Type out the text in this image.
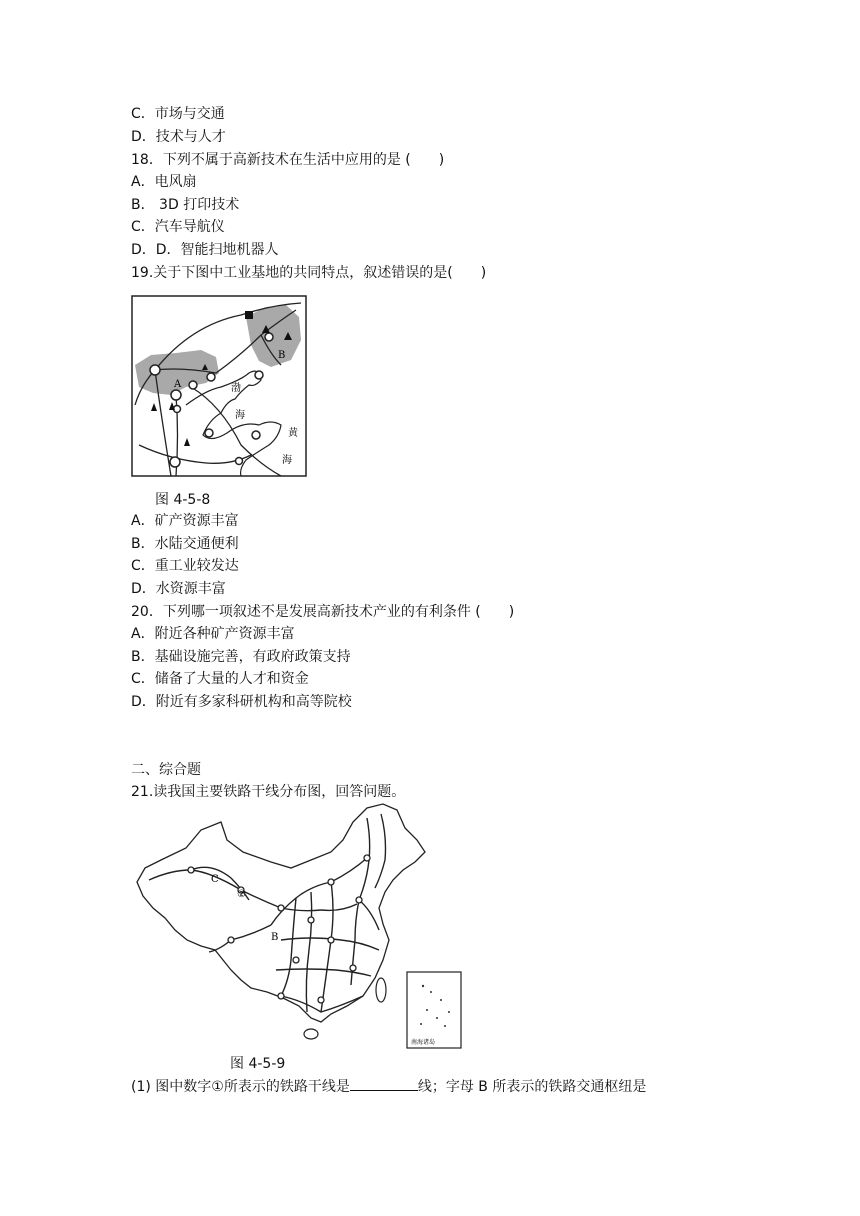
C．市场与交通
D．技术与人才
18．下列不属于高新技术在生活中应用的是 (　　)
A．电风扇
B． 3D 打印技术
C．汽车导航仪
D．D．智能扫地机器人
19.关于下图中工业基地的共同特点，叙述错误的是(　　)
A
B
渤
海
黄
海
图 4-5-8
A．矿产资源丰富
B．水陆交通便利
C．重工业较发达
D．水资源丰富
20．下列哪一项叙述不是发展高新技术产业的有利条件 (　　)
A．附近各种矿产资源丰富
B．基础设施完善，有政府政策支持
C．储备了大量的人才和资金
D．附近有多家科研机构和高等院校
二、综合题
21.读我国主要铁路干线分布图，回答问题。
C
②
B
南海诸岛
图 4-5-9
(1) 图中数字①所表示的铁路干线是	线；字母 B 所表示的铁路交通枢纽是
